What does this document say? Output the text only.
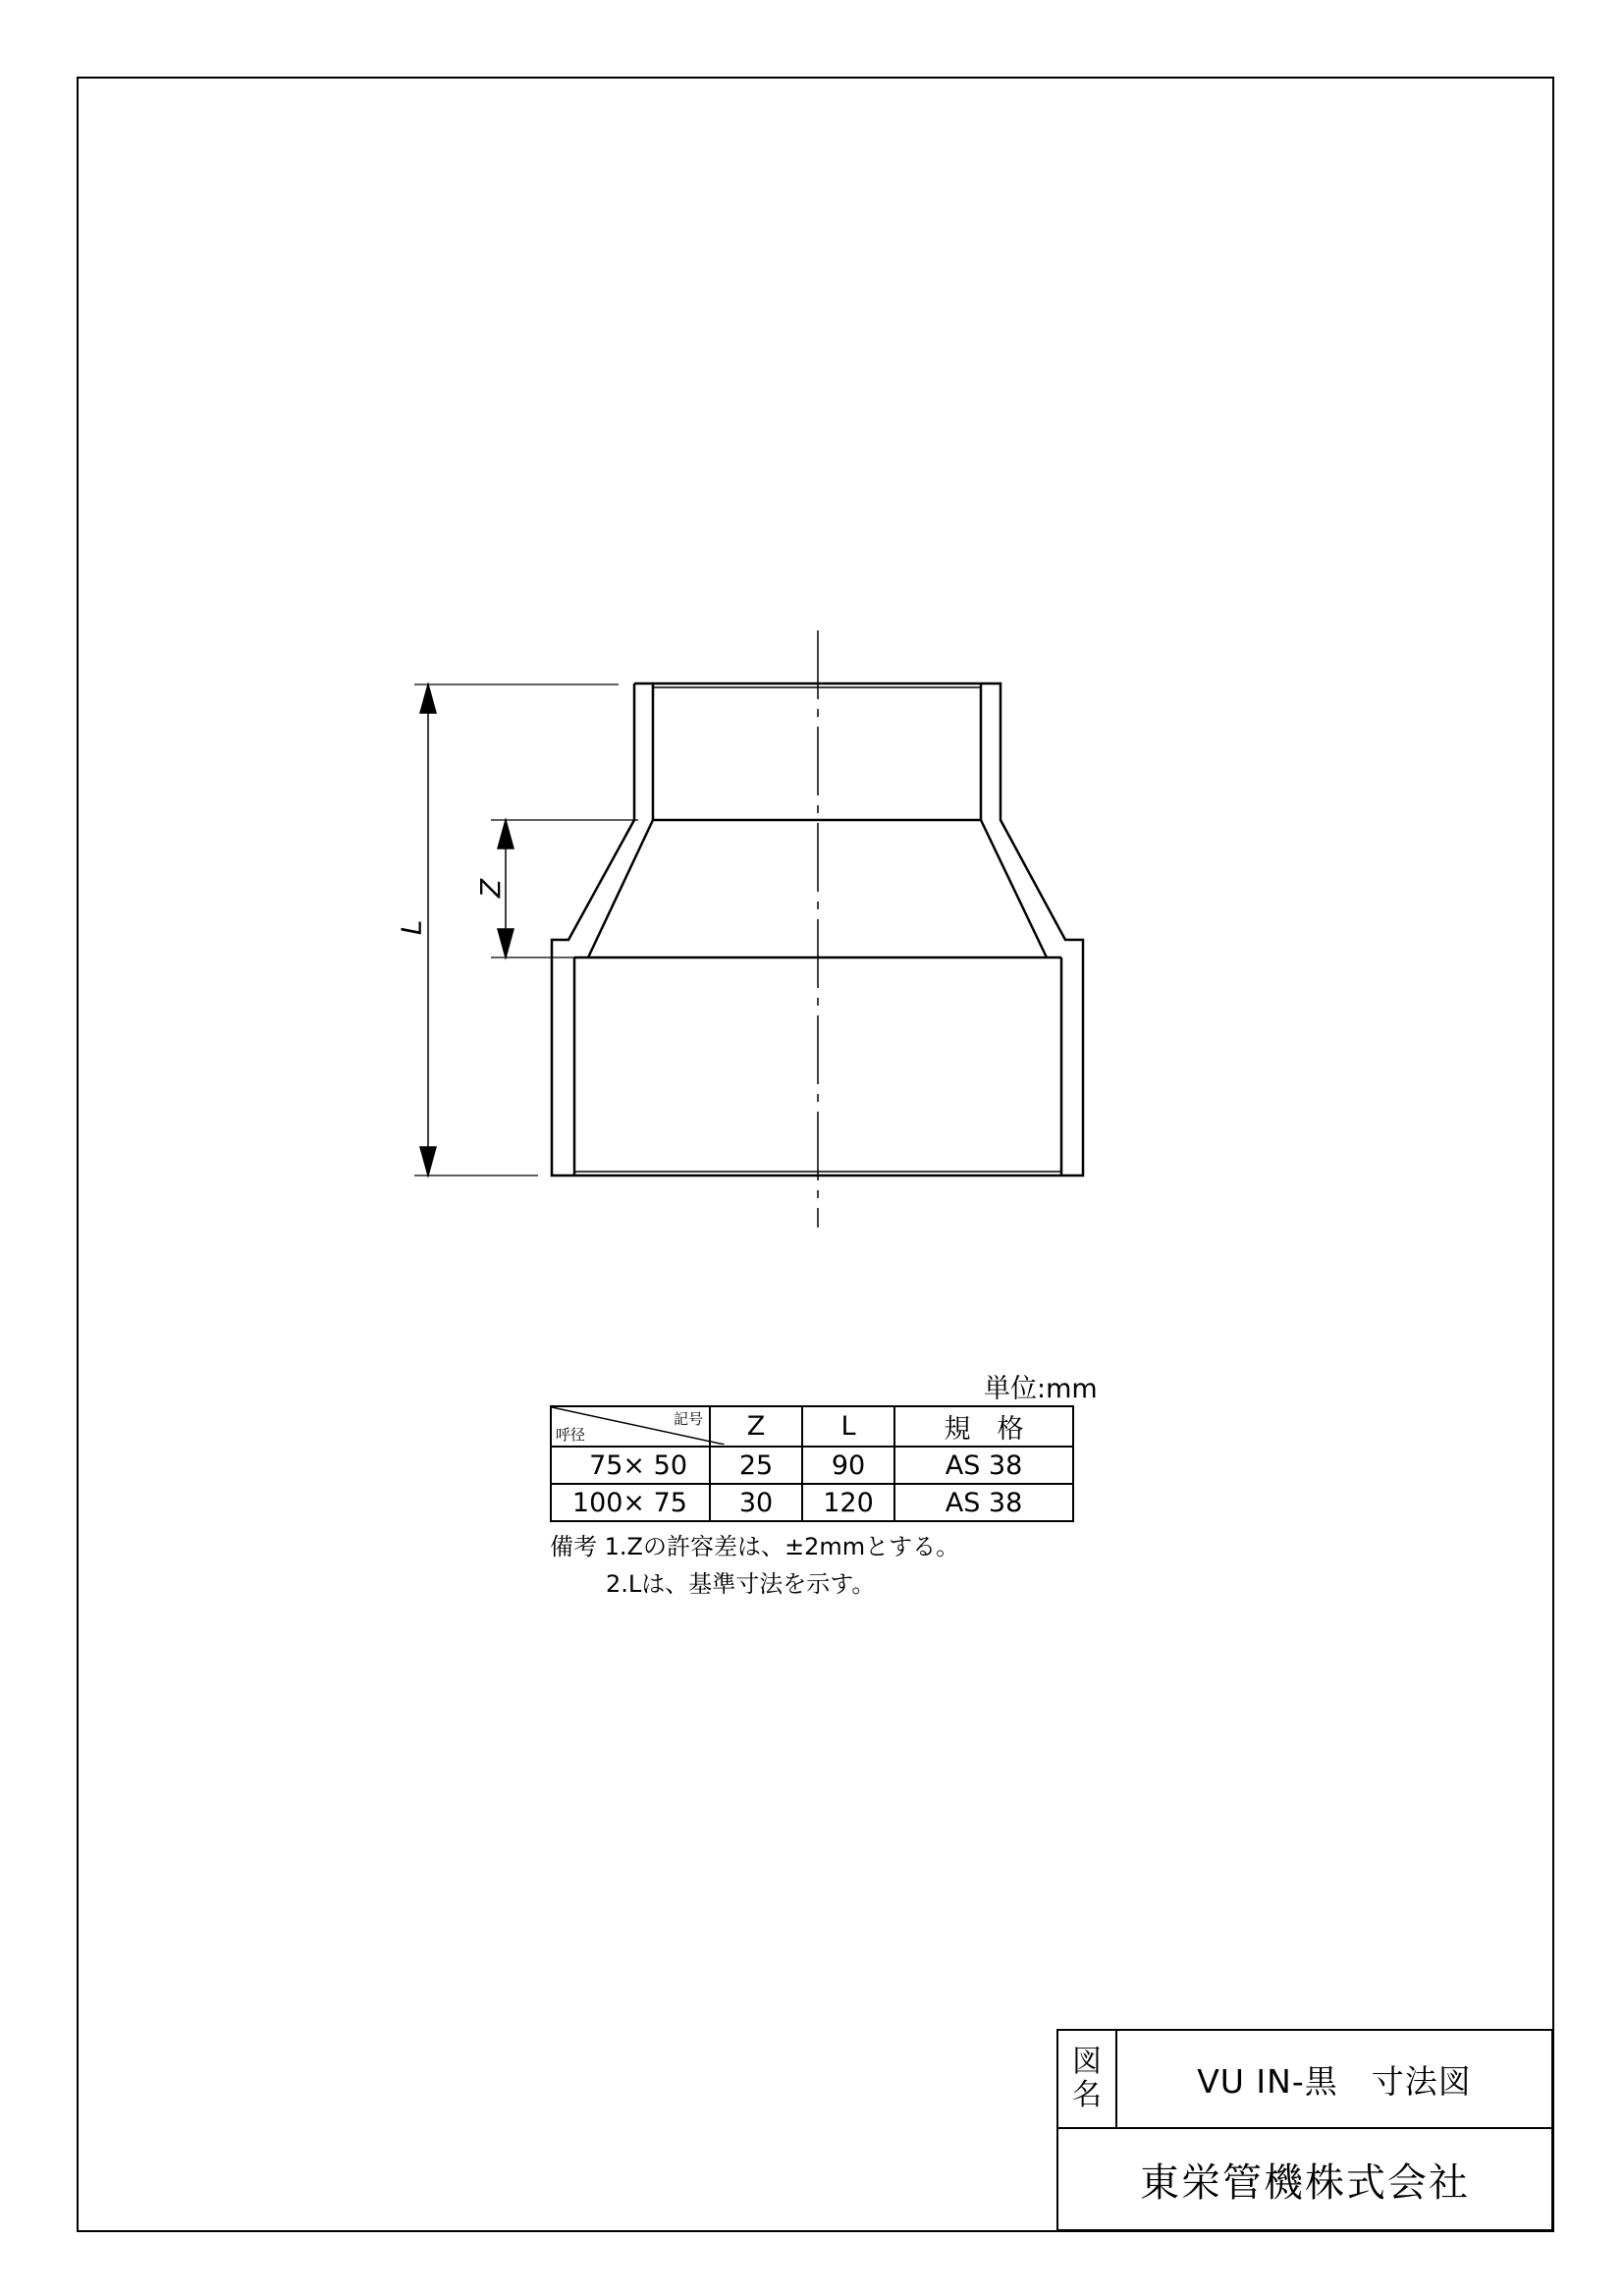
L
Z
単位:mm
記号
呼径	Z	L	規　格
75× 50	25	90	AS 38
100× 75	30	120	AS 38
備考 1.Zの許容差は、±2mmとする。
2.Lは、基準寸法を示す。
図
名	VU IN-黒　寸法図
東栄管機株式会社
